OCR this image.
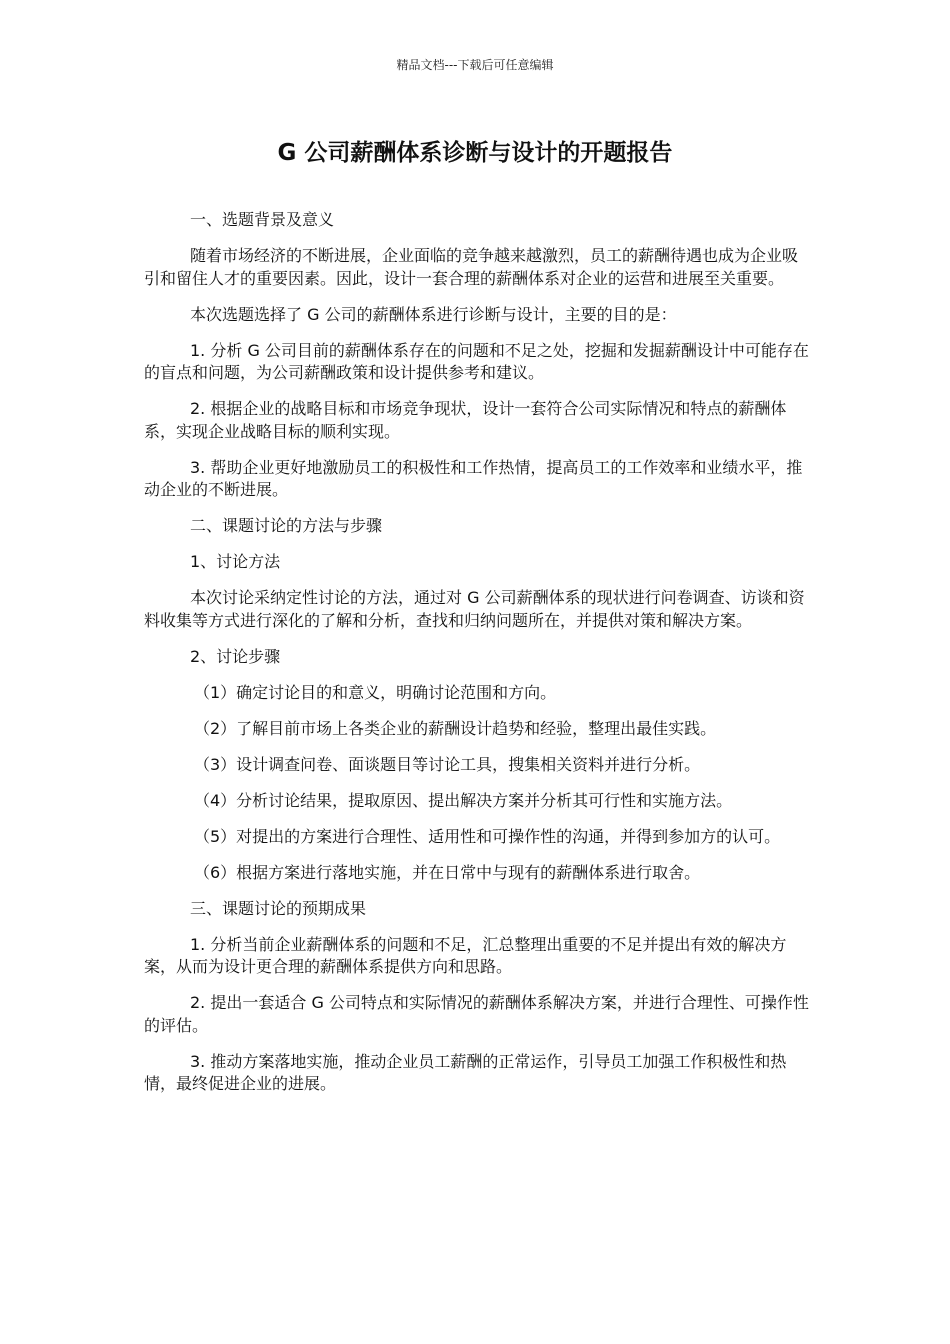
精品文档---下载后可任意编辑
G 公司薪酬体系诊断与设计的开题报告

一、选题背景及意义

随着市场经济的不断进展，企业面临的竞争越来越激烈，员工的薪酬待遇也成为企业吸引和留住人才的重要因素。因此，设计一套合理的薪酬体系对企业的运营和进展至关重要。

本次选题选择了 G 公司的薪酬体系进行诊断与设计，主要的目的是：

1. 分析 G 公司目前的薪酬体系存在的问题和不足之处，挖掘和发掘薪酬设计中可能存在的盲点和问题，为公司薪酬政策和设计提供参考和建议。

2. 根据企业的战略目标和市场竞争现状，设计一套符合公司实际情况和特点的薪酬体系，实现企业战略目标的顺利实现。

3. 帮助企业更好地激励员工的积极性和工作热情，提高员工的工作效率和业绩水平，推动企业的不断进展。

二、课题讨论的方法与步骤

1、讨论方法

本次讨论采纳定性讨论的方法，通过对 G 公司薪酬体系的现状进行问卷调查、访谈和资料收集等方式进行深化的了解和分析，查找和归纳问题所在，并提供对策和解决方案。

2、讨论步骤

（1）确定讨论目的和意义，明确讨论范围和方向。

（2）了解目前市场上各类企业的薪酬设计趋势和经验，整理出最佳实践。

（3）设计调查问卷、面谈题目等讨论工具，搜集相关资料并进行分析。

（4）分析讨论结果，提取原因、提出解决方案并分析其可行性和实施方法。

（5）对提出的方案进行合理性、适用性和可操作性的沟通，并得到参加方的认可。

（6）根据方案进行落地实施，并在日常中与现有的薪酬体系进行取舍。

三、课题讨论的预期成果

1. 分析当前企业薪酬体系的问题和不足，汇总整理出重要的不足并提出有效的解决方案，从而为设计更合理的薪酬体系提供方向和思路。

2. 提出一套适合 G 公司特点和实际情况的薪酬体系解决方案，并进行合理性、可操作性的评估。

3. 推动方案落地实施，推动企业员工薪酬的正常运作，引导员工加强工作积极性和热情，最终促进企业的进展。
